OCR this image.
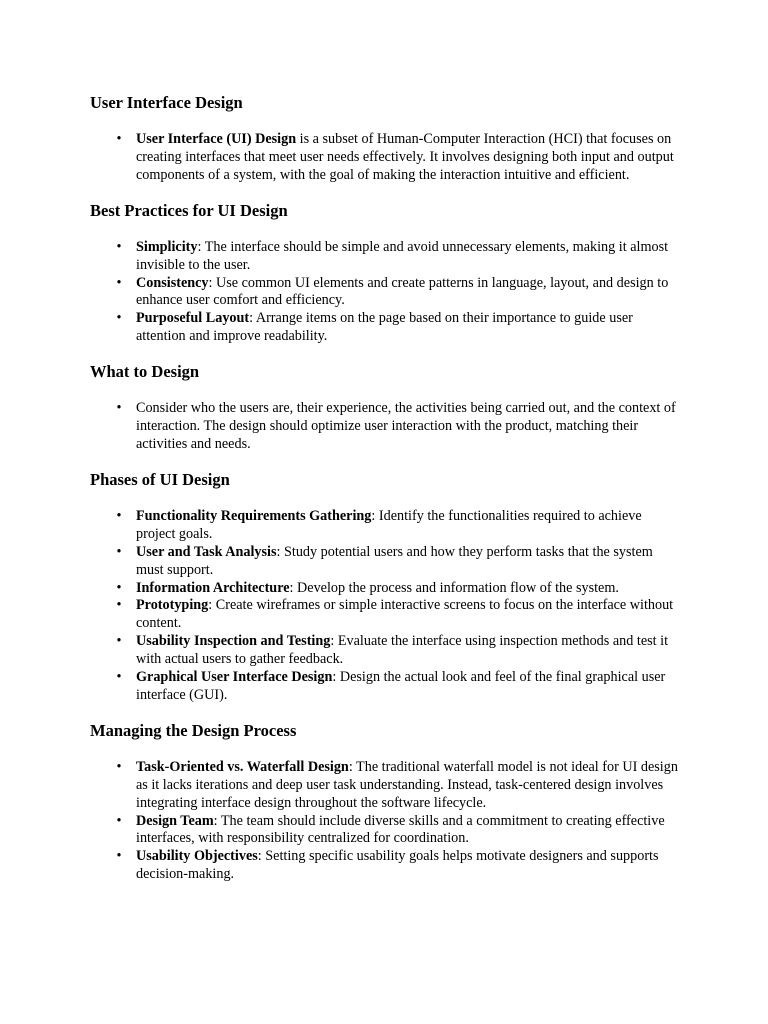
User Interface Design
• User Interface (UI) Design is a subset of Human-Computer Interaction (HCI) that focuses on creating interfaces that meet user needs effectively. It involves designing both input and output components of a system, with the goal of making the interaction intuitive and efficient.
Best Practices for UI Design
• Simplicity: The interface should be simple and avoid unnecessary elements, making it almost invisible to the user.
• Consistency: Use common UI elements and create patterns in language, layout, and design to enhance user comfort and efficiency.
• Purposeful Layout: Arrange items on the page based on their importance to guide user attention and improve readability.
What to Design
• Consider who the users are, their experience, the activities being carried out, and the context of interaction. The design should optimize user interaction with the product, matching their activities and needs.
Phases of UI Design
• Functionality Requirements Gathering: Identify the functionalities required to achieve project goals.
• User and Task Analysis: Study potential users and how they perform tasks that the system must support.
• Information Architecture: Develop the process and information flow of the system.
• Prototyping: Create wireframes or simple interactive screens to focus on the interface without content.
• Usability Inspection and Testing: Evaluate the interface using inspection methods and test it with actual users to gather feedback.
• Graphical User Interface Design: Design the actual look and feel of the final graphical user interface (GUI).
Managing the Design Process
• Task-Oriented vs. Waterfall Design: The traditional waterfall model is not ideal for UI design as it lacks iterations and deep user task understanding. Instead, task-centered design involves integrating interface design throughout the software lifecycle.
• Design Team: The team should include diverse skills and a commitment to creating effective interfaces, with responsibility centralized for coordination.
• Usability Objectives: Setting specific usability goals helps motivate designers and supports decision-making.
